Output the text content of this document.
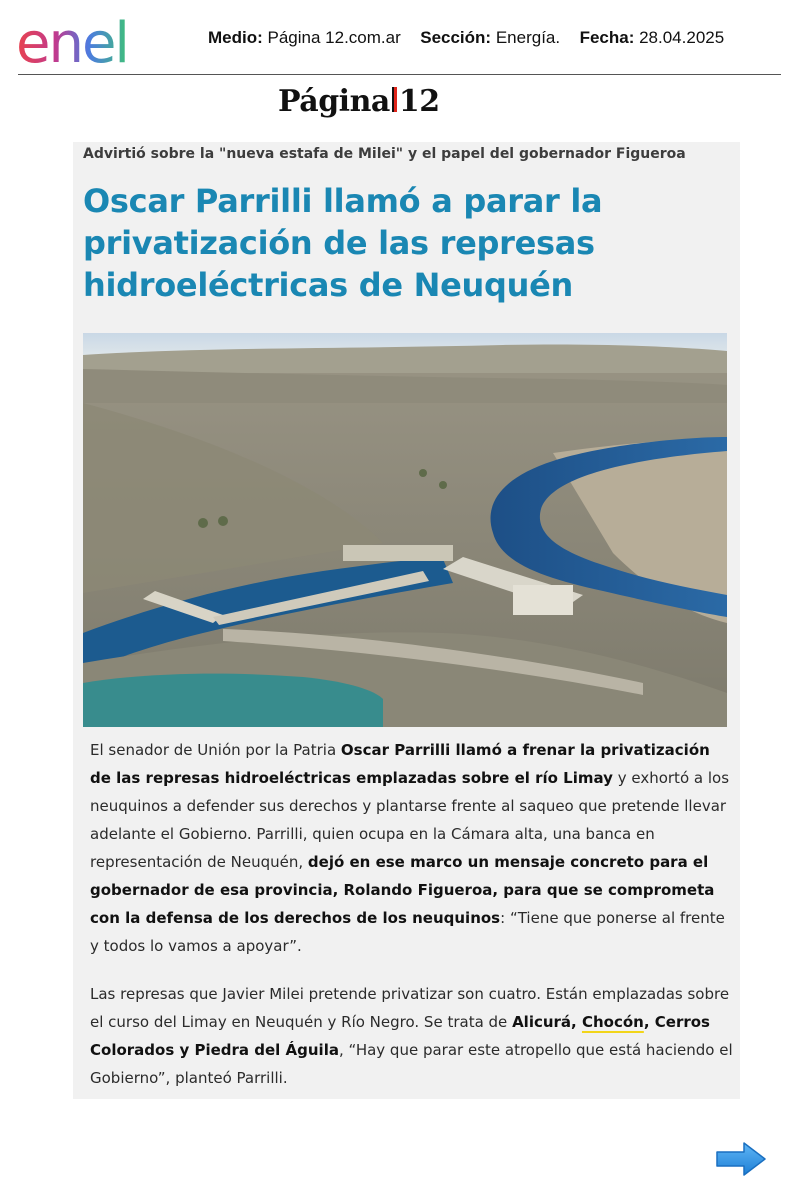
enel	Medio: Página 12.com.ar Sección: Energía. Fecha: 28.04.2025
Página 12
Advirtió sobre la "nueva estafa de Milei" y el papel del gobernador Figueroa
Oscar Parrilli llamó a parar la privatización de las represas hidroeléctricas de Neuquén

El senador de Unión por la Patria Oscar Parrilli llamó a frenar la privatización de las represas hidroeléctricas emplazadas sobre el río Limay y exhortó a los neuquinos a defender sus derechos y plantarse frente al saqueo que pretende llevar adelante el Gobierno. Parrilli, quien ocupa en la Cámara alta, una banca en representación de Neuquén, dejó en ese marco un mensaje concreto para el gobernador de esa provincia, Rolando Figueroa, para que se comprometa con la defensa de los derechos de los neuquinos: “Tiene que ponerse al frente y todos lo vamos a apoyar”.

Las represas que Javier Milei pretende privatizar son cuatro. Están emplazadas sobre el curso del Limay en Neuquén y Río Negro. Se trata de Alicurá, Chocón, Cerros Colorados y Piedra del Águila, “Hay que parar este atropello que está haciendo el Gobierno”, planteó Parrilli.
